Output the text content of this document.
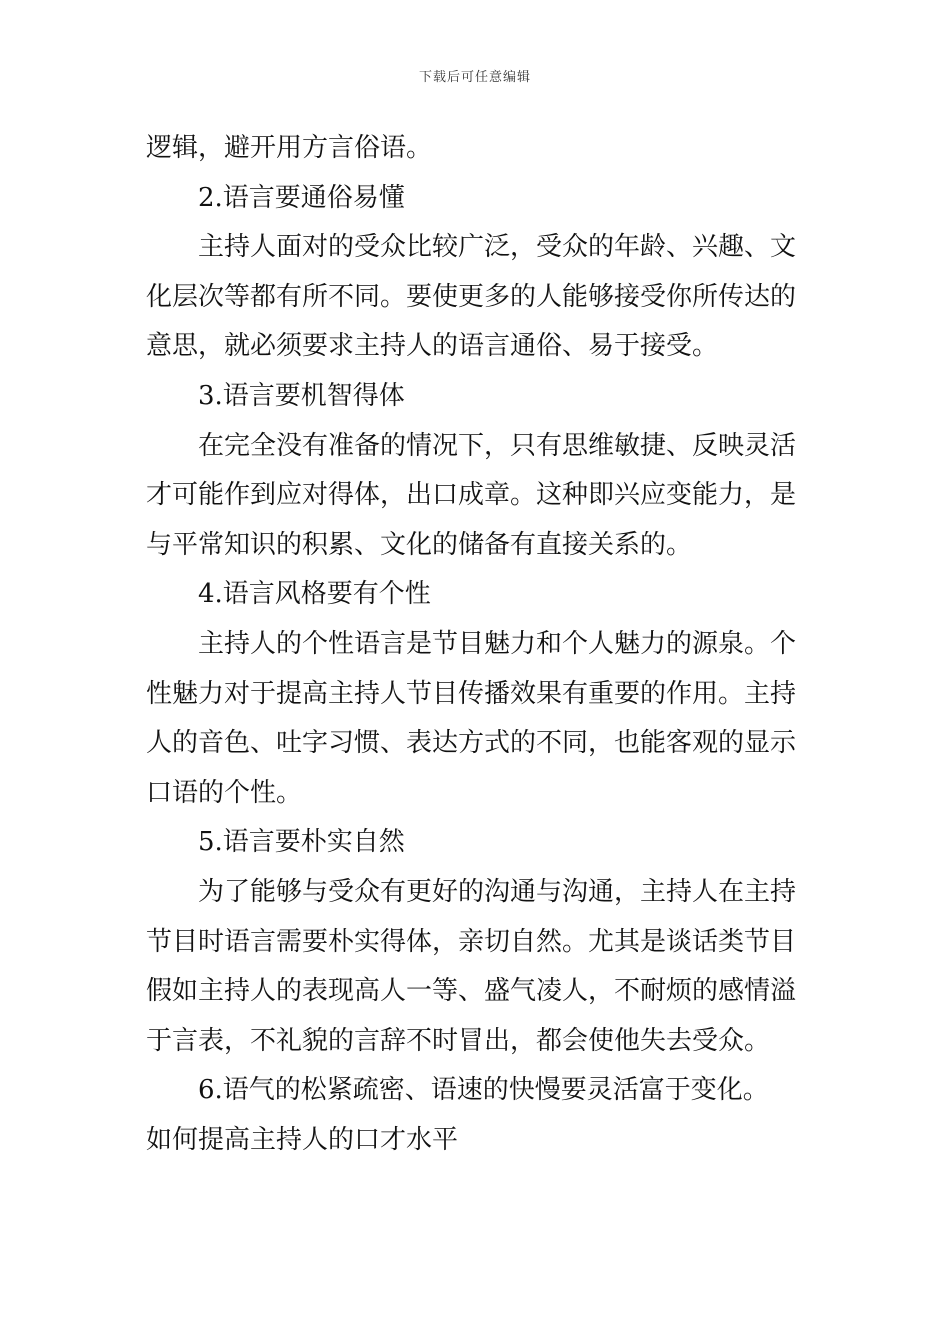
下载后可任意编辑

逻辑，避开用方言俗语。

2.语言要通俗易懂

主持人面对的受众比较广泛，受众的年龄、兴趣、文

化层次等都有所不同。要使更多的人能够接受你所传达的

意思，就必须要求主持人的语言通俗、易于接受。

3.语言要机智得体

在完全没有准备的情况下，只有思维敏捷、反映灵活

才可能作到应对得体，出口成章。这种即兴应变能力，是

与平常知识的积累、文化的储备有直接关系的。

4.语言风格要有个性

主持人的个性语言是节目魅力和个人魅力的源泉。个

性魅力对于提高主持人节目传播效果有重要的作用。主持

人的音色、吐字习惯、表达方式的不同，也能客观的显示

口语的个性。

5.语言要朴实自然

为了能够与受众有更好的沟通与沟通，主持人在主持

节目时语言需要朴实得体，亲切自然。尤其是谈话类节目

假如主持人的表现高人一等、盛气凌人，不耐烦的感情溢

于言表，不礼貌的言辞不时冒出，都会使他失去受众。

6.语气的松紧疏密、语速的快慢要灵活富于变化。

如何提高主持人的口才水平
